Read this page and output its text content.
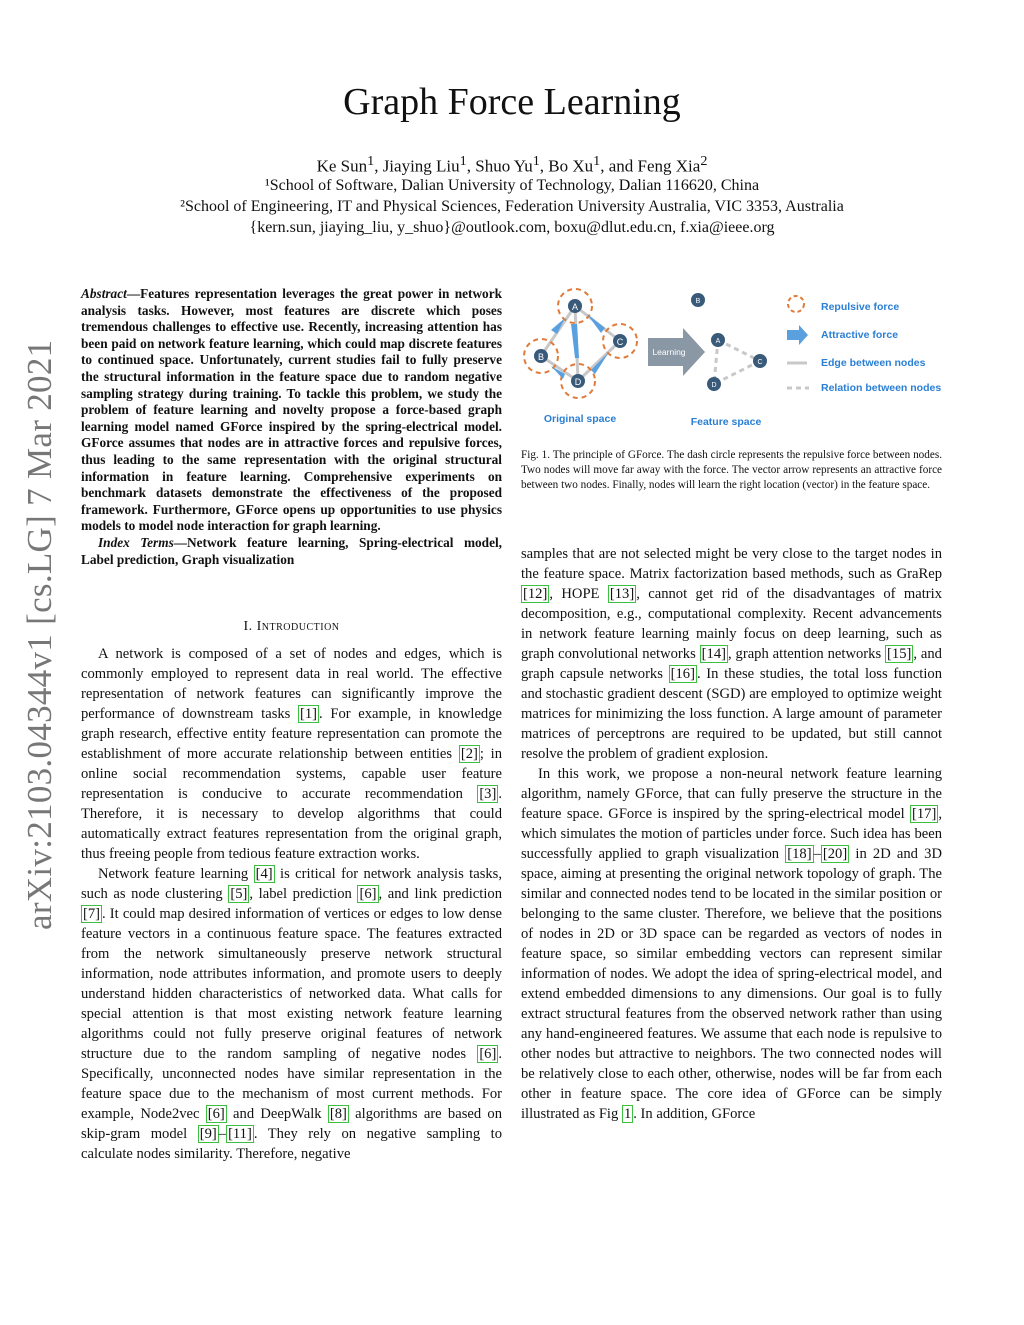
Graph Force Learning
Ke Sun$^1$, Jiaying Liu$^1$, Shuo Yu$^1$, Bo Xu$^1$, and Feng Xia$^2$
¹School of Software, Dalian University of Technology, Dalian 116620, China
²School of Engineering, IT and Physical Sciences, Federation University Australia, VIC 3353, Australia
{kern.sun, jiaying_liu, y_shuo}@outlook.com, boxu@dlut.edu.cn, f.xia@ieee.org
arXiv:2103.04344v1 [cs.LG] 7 Mar 2021

Abstract—Features representation leverages the great power in network analysis tasks. However, most features are discrete which poses tremendous challenges to effective use. Recently, increasing attention has been paid on network feature learning, which could map discrete features to continued space. Unfortunately, current studies fail to fully preserve the structural information in the feature space due to random negative sampling strategy during training. To tackle this problem, we study the problem of feature learning and novelty propose a force-based graph learning model named GForce inspired by the spring-electrical model. GForce assumes that nodes are in attractive forces and repulsive forces, thus leading to the same representation with the original structural information in feature learning. Comprehensive experiments on benchmark datasets demonstrate the effectiveness of the proposed framework. Furthermore, GForce opens up opportunities to use physics models to model node interaction for graph learning.

Index Terms—Network feature learning, Spring-electrical model, Label prediction, Graph visualization

I. Introduction

A network is composed of a set of nodes and edges, which is commonly employed to represent data in real world. The effective representation of network features can significantly improve the performance of downstream tasks [1] . For example, in knowledge graph research, effective entity feature representation can promote the establishment of more accurate relationship between entities [2] ; in online social recommendation systems, capable user feature representation is conducive to accurate recommendation [3] . Therefore, it is necessary to develop algorithms that could automatically extract features representation from the original graph, thus freeing people from tedious feature extraction works.

Network feature learning [4] is critical for network analysis tasks, such as node clustering [5] , label prediction [6] , and link prediction [7] . It could map desired information of vertices or edges to low dense feature vectors in a continuous feature space. The features extracted from the network simultaneously preserve network structural information, node attributes information, and promote users to deeply understand hidden characteristics of networked data. What calls for special attention is that most existing network feature learning algorithms could not fully preserve original features of network structure due to the random sampling of negative nodes [6] . Specifically, unconnected nodes have similar representation in the feature space due to the mechanism of most current methods. For example, Node2vec [6] and DeepWalk [8] algorithms are based on skip-gram model [9] – [11] . They rely on negative sampling to calculate nodes similarity. Therefore, negative

samples that are not selected might be very close to the target nodes in the feature space. Matrix factorization based methods, such as GraRep [12] , HOPE [13] , cannot get rid of the disadvantages of matrix decomposition, e.g., computational complexity. Recent advancements in network feature learning mainly focus on deep learning, such as graph convolutional networks [14] , graph attention networks [15] , and graph capsule networks [16] . In these studies, the total loss function and stochastic gradient descent (SGD) are employed to optimize weight matrices for minimizing the loss function. A large amount of parameter matrices of perceptrons are required to be updated, but still cannot resolve the problem of gradient explosion.

In this work, we propose a non-neural network feature learning algorithm, namely GForce, that can fully preserve the structure in the feature space. GForce is inspired by the spring-electrical model [17] , which simulates the motion of particles under force. Such idea has been successfully applied to graph visualization [18] – [20] in 2D and 3D space, aiming at presenting the original network topology of graph. The similar and connected nodes tend to be located in the similar position or belonging to the same cluster. Therefore, we believe that the positions of nodes in 2D or 3D space can be regarded as vectors of nodes in feature space, so similar embedding vectors can represent similar information of nodes. We adopt the idea of spring-electrical model, and extend embedded dimensions to any dimensions. Our goal is to fully extract structural features from the observed network rather than using any hand-engineered features. We assume that each node is repulsive to other nodes but attractive to neighbors. The two connected nodes will be relatively close to each other, otherwise, nodes will be far from each other in feature space. The core idea of GForce can be simply illustrated as Fig 1 . In addition, GForce

A
B
C
D
Original space
Learning
B
A
C
D
Feature space
Repulsive force
Attractive force
Edge between nodes
Relation between nodes
Fig. 1. The principle of GForce. The dash circle represents the repulsive force between nodes. Two nodes will move far away with the force. The vector arrow represents an attractive force between two nodes. Finally, nodes will learn the right location (vector) in the feature space.
